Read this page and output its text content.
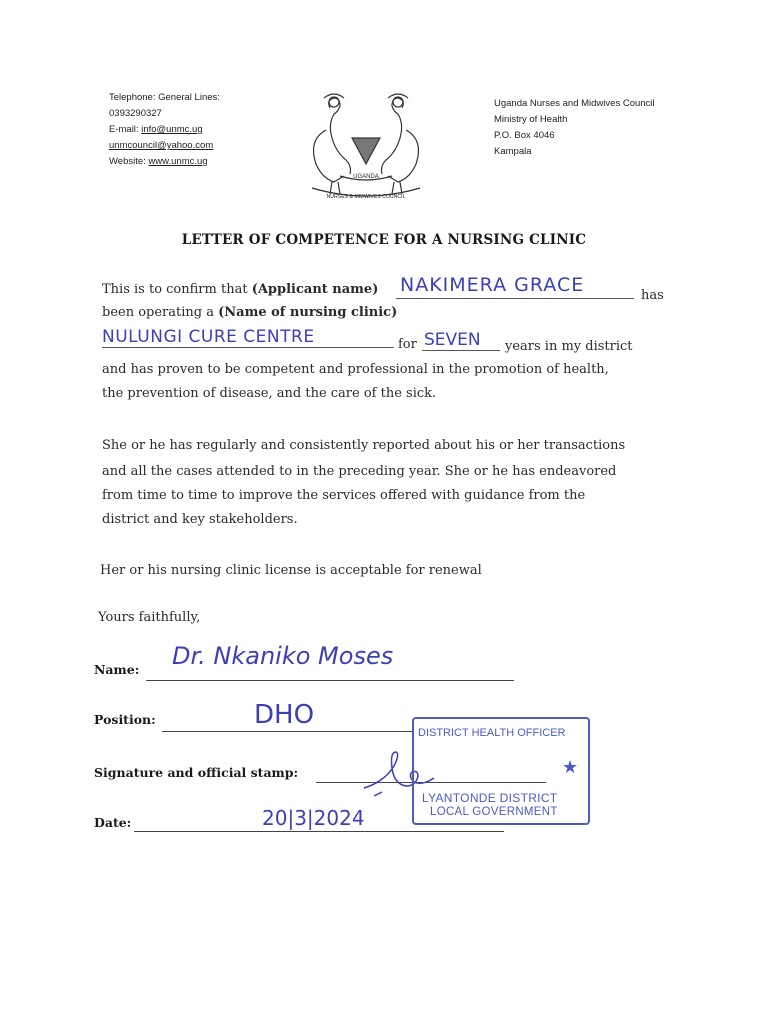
Telephone: General Lines:
0393290327
E-mail: info@unmc.ug
unmcouncil@yahoo.com
Website: www.unmc.ug
UGANDA
NURSES & MIDWIVES COUNCIL
Uganda Nurses and Midwives Council
Ministry of Health
P.O. Box 4046
Kampala
LETTER OF COMPETENCE FOR A NURSING CLINIC
This is to confirm that (Applicant name) NAKIMERA GRACE	has
been operating a (Name of nursing clinic)
NULUNGI CURE CENTRE	for SEVEN years in my district
and has proven to be competent and professional in the promotion of health,
the prevention of disease, and the care of the sick.
She or he has regularly and consistently reported about his or her transactions
and all the cases attended to in the preceding year. She or he has endeavored
from time to time to improve the services offered with guidance from the
district and key stakeholders.
Her or his nursing clinic license is acceptable for renewal
Yours faithfully,
Name: Dr. Nkaniko Moses
Position:	DHO
Signature and official stamp:
Date:	20|3|2024
DISTRICT HEALTH OFFICER
★
LYANTONDE DISTRICT
LOCAL GOVERNMENT
